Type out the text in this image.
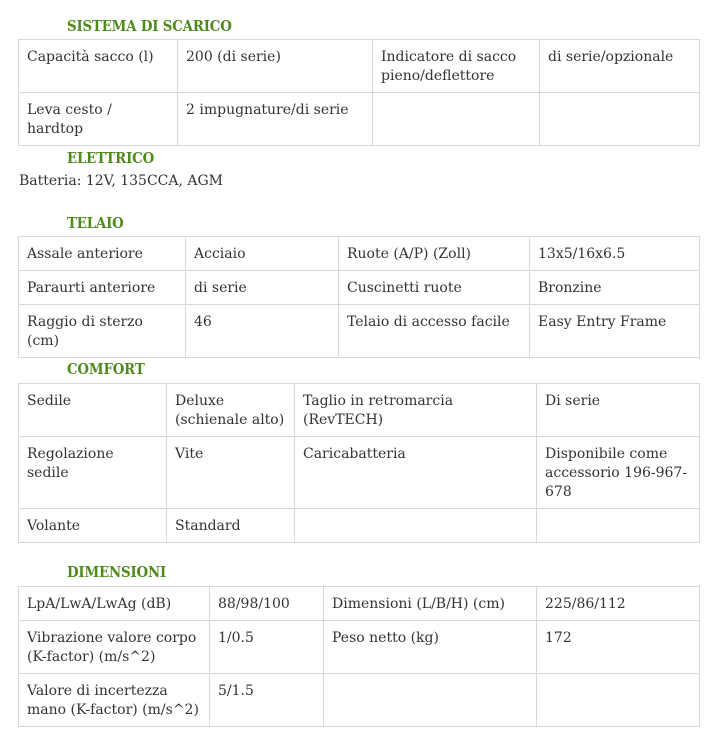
SISTEMA DI SCARICO
Capacità sacco (l)	200 (di serie)	Indicatore di sacco pieno/deflettore	di serie/opzionale
Leva cesto / hardtop	2 impugnature/di serie		
ELETTRICO
Batteria: 12V, 135CCA, AGM
TELAIO
Assale anteriore	Acciaio	Ruote (A/P) (Zoll)	13x5/16x6.5
Paraurti anteriore	di serie	Cuscinetti ruote	Bronzine
Raggio di sterzo (cm)	46	Telaio di accesso facile	Easy Entry Frame
COMFORT
Sedile	Deluxe (schienale alto)	Taglio in retromarcia (RevTECH)	Di serie
Regolazione sedile	Vite	Caricabatteria	Disponibile come accessorio 196-967-678
Volante	Standard		
DIMENSIONI
LpA/LwA/LwAg (dB)	88/98/100	Dimensioni (L/B/H) (cm)	225/86/112
Vibrazione valore corpo (K-factor) (m/s^2)	1/0.5	Peso netto (kg)	172
Valore di incertezza mano (K-factor) (m/s^2)	5/1.5		
